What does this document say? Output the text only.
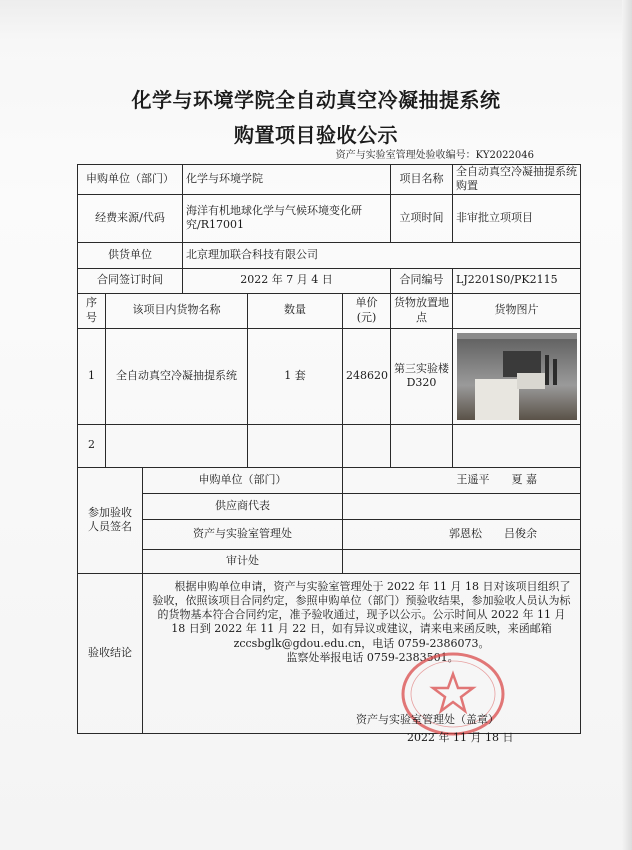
化学与环境学院全自动真空冷凝抽提系统
购置项目验收公示
资产与实验室管理处验收编号：KY2022046
申购单位（部门）			化学与环境学院			项目名称	全自动真空冷凝抽提系统购置
经费来源/代码			海洋有机地球化学与气候环境变化研究/R17001			立项时间	非审批立项项目
供货单位			北京理加联合科技有限公司				
合同签订时间			2022 年 7 月 4 日			合同编号	LJ2201S0/PK2115
序号	该项目内货物名称			数量	单价(元)	货物放置地点	货物图片
1	全自动真空冷凝抽提系统			1 套	248620	第三实验楼D320	

2							
参加验收人员签名		申购单位（部门）			王遥平 夏 嘉		

		供应商代表					
		资产与实验室管理处			郭恩松 吕俊余		

		审计处					
验收结论		根据申购单位申请，资产与实验室管理处于 2022 年 11 月 18 日对该项目组织了验收，依照该项目合同约定，参照申购单位（部门）预验收结果，参加验收人员认为标的货物基本符合合同约定，准予验收通过，现予以公示。公示时间从 2022 年 11 月 18 日到 2022 年 11 月 22 日，如有异议或建议，请来电来函反映，来函邮箱 zccsbglk@gdou.edu.cn，电话 0759-2386073。

监察处举报电话 0759-2383501。					

资产与实验室管理处（盖章）
2022 年 11 月 18 日
